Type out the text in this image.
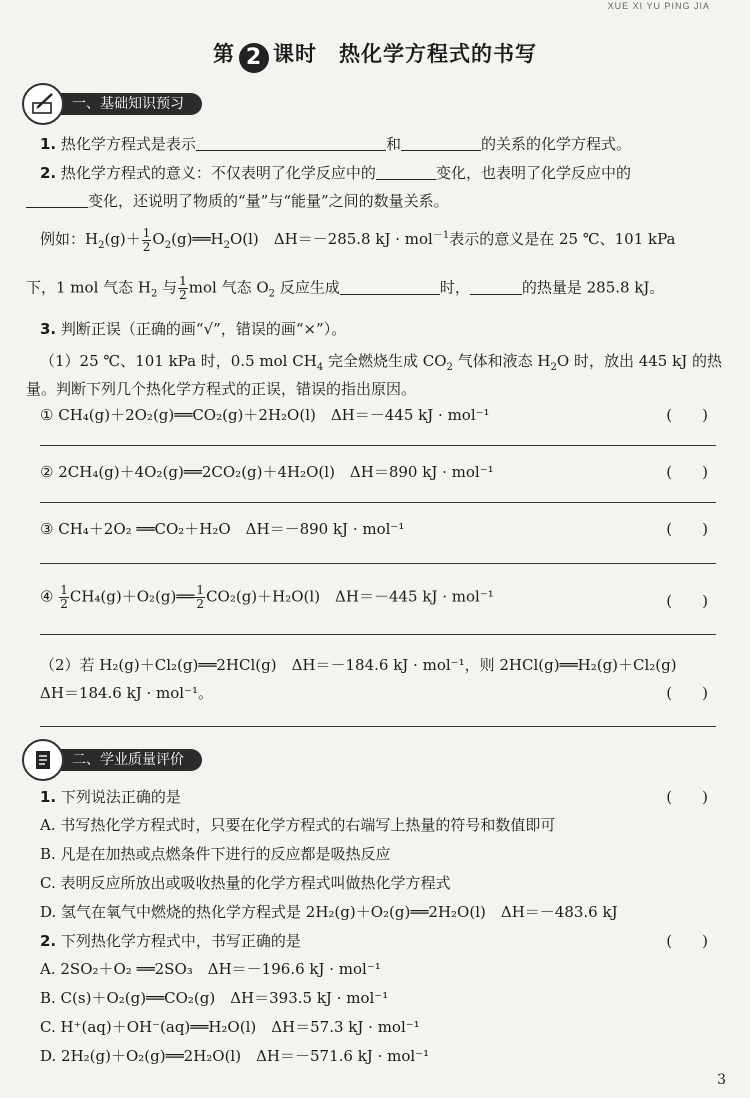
XUE XI YU PING JIA
第 2 课时　热化学方程式的书写
一、基础知识预习
1. 热化学方程式是表示	和	的关系的化学方程式。
2. 热化学方程式的意义：不仅表明了化学反应中的	变化，也表明了化学反应中的
变化，还说明了物质的“量”与“能量”之间的数量关系。
例如：$H_2(g)+ \frac{1}{2}$ $O_2(g)══H_2O(l)$　ΔH＝－285.8 kJ · mol$^{-1}$表示的意义是在 25 ℃、101 kPa
下，1 mol 气态 $H_2$ 与 $\frac{1}{2}$ mol 气态 $O_2$ 反应生成	时，	的热量是 285.8 kJ。
3. 判断正误（正确的画“√”，错误的画“×”）。
（1）25 ℃、101 kPa 时，0.5 mol $CH_4$ 完全燃烧生成 $CO_2$ 气体和液态 $H_2O$ 时，放出 445 kJ 的热
量。判断下列几个热化学方程式的正误，错误的指出原因。
① CH₄(g)＋2O₂(g)══CO₂(g)＋2H₂O(l)　ΔH＝－445 kJ · mol⁻¹	(　　)
② 2CH₄(g)＋4O₂(g)══2CO₂(g)＋4H₂O(l)　ΔH＝890 kJ · mol⁻¹	(　　)
③ CH₄＋2O₂ ══CO₂＋H₂O　ΔH＝－890 kJ · mol⁻¹	(　　)
④ $\frac{1}{2}$ CH₄(g)＋O₂(g)══ $\frac{1}{2} CO_2(g)+H_2O(l)$　ΔH＝－445 kJ · mol⁻¹	(　　)
（2）若 H₂(g)＋Cl₂(g)══2HCl(g)　ΔH＝－184.6 kJ · mol⁻¹，则 2HCl(g)══H₂(g)＋Cl₂(g)
ΔH＝184.6 kJ · mol⁻¹。	(　　)
二、学业质量评价
1. 下列说法正确的是	(　　)
A. 书写热化学方程式时，只要在化学方程式的右端写上热量的符号和数值即可
B. 凡是在加热或点燃条件下进行的反应都是吸热反应
C. 表明反应所放出或吸收热量的化学方程式叫做热化学方程式
D. 氢气在氧气中燃烧的热化学方程式是 2H₂(g)＋O₂(g)══2H₂O(l)　ΔH＝－483.6 kJ
2. 下列热化学方程式中，书写正确的是	(　　)
A. 2SO₂＋O₂ ══2SO₃　ΔH＝－196.6 kJ · mol⁻¹
B. C(s)＋O₂(g)══CO₂(g)　ΔH＝393.5 kJ · mol⁻¹
C. H⁺(aq)＋OH⁻(aq)══H₂O(l)　ΔH＝57.3 kJ · mol⁻¹
D. 2H₂(g)＋O₂(g)══2H₂O(l)　ΔH＝－571.6 kJ · mol⁻¹
3
